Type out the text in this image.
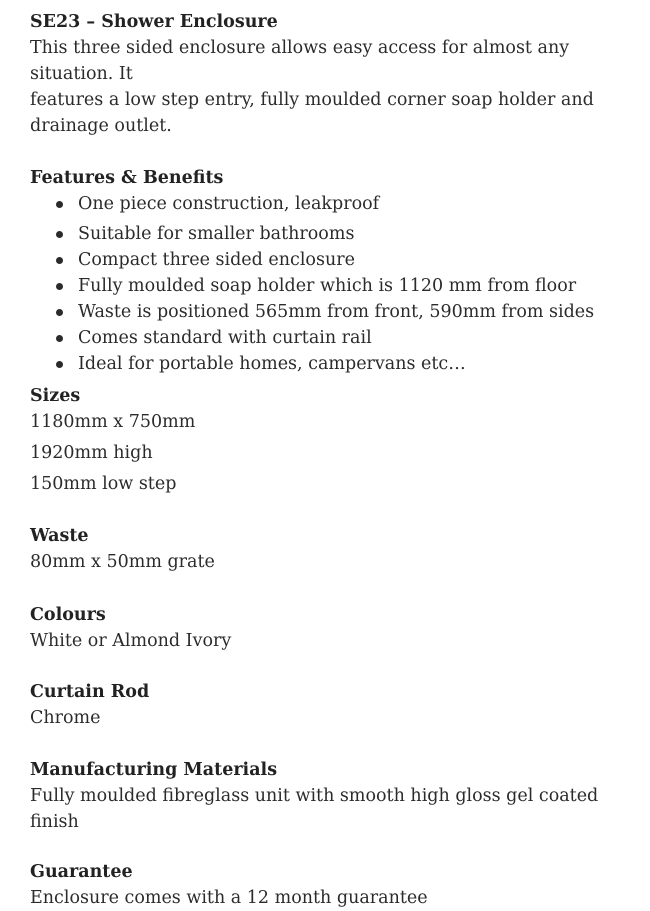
SE23 – Shower Enclosure
This three sided enclosure allows easy access for almost any situation. It
features a low step entry, fully moulded corner soap holder and
drainage outlet.
Features & Benefits
One piece construction, leakproof
Suitable for smaller bathrooms
Compact three sided enclosure
Fully moulded soap holder which is 1120 mm from floor
Waste is positioned 565mm from front, 590mm from sides
Comes standard with curtain rail
Ideal for portable homes, campervans etc…
Sizes
1180mm x 750mm
1920mm high
150mm low step
Waste
80mm x 50mm grate
Colours
White or Almond Ivory
Curtain Rod
Chrome
Manufacturing Materials
Fully moulded fibreglass unit with smooth high gloss gel coated finish
Guarantee
Enclosure comes with a 12 month guarantee
